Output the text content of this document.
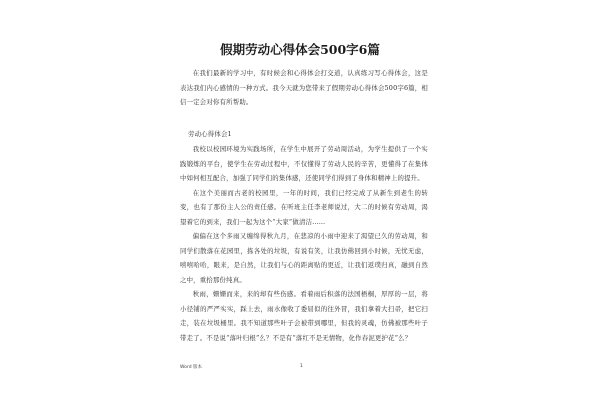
假期劳动心得体会500字6篇

在我们最新的学习中，有时候会和心得体会打交道，认真练习写心得体会，这是表达我们内心感情的一种方式。我今天就为您带来了假期劳动心得体会500字6篇，相信一定会对你有所帮助。

劳动心得体会1

我校以校园环境为实践场所，在学生中展开了劳动周活动，为学生提供了一个实践锻炼的平台，使学生在劳动过程中，不仅懂得了劳动人民的辛苦，更懂得了在集体中如何相互配合，加强了同学们的集体感，还使同学们得到了身体和精神上的提升。

在这个美丽而古老的校园里，一年的时间，我们已经完成了从新生到老生的转变，也有了那份主人公的责任感。在听班主任李老师说过，大二的时候有劳动周，渴望着它的到来，我们一起为这个“大家”做清洁……

偏偏在这个多雨又缠绵得秋九月，在悲凉的小雨中迎来了渴望已久的劳动周，和同学们散落在花园里，拣各处的垃圾，有说有笑，让我仿佛回到小时候，无忧无虑，嘻嘻哈哈，眼来，是自然，让我们与心的距离贴的更近，让我们返璞归真，融到自然之中，重拾那份纯真。

秋雨，姗姗而来，来的却有些伤感。看着雨后积落的法国梧桐，厚厚的一层，将小径铺的严严实实，踩上去，雨水像收了委屈似的往外冒，我们拿着大扫帚，把它扫走，装在垃圾桶里。我不知道那些叶子会被带到哪里，但我的灵魂，仿佛被那些叶子带走了。不是说“落叶归根”么？不是有“落红不是无情物，化作春泥更护花”么？

Word 版本	1
